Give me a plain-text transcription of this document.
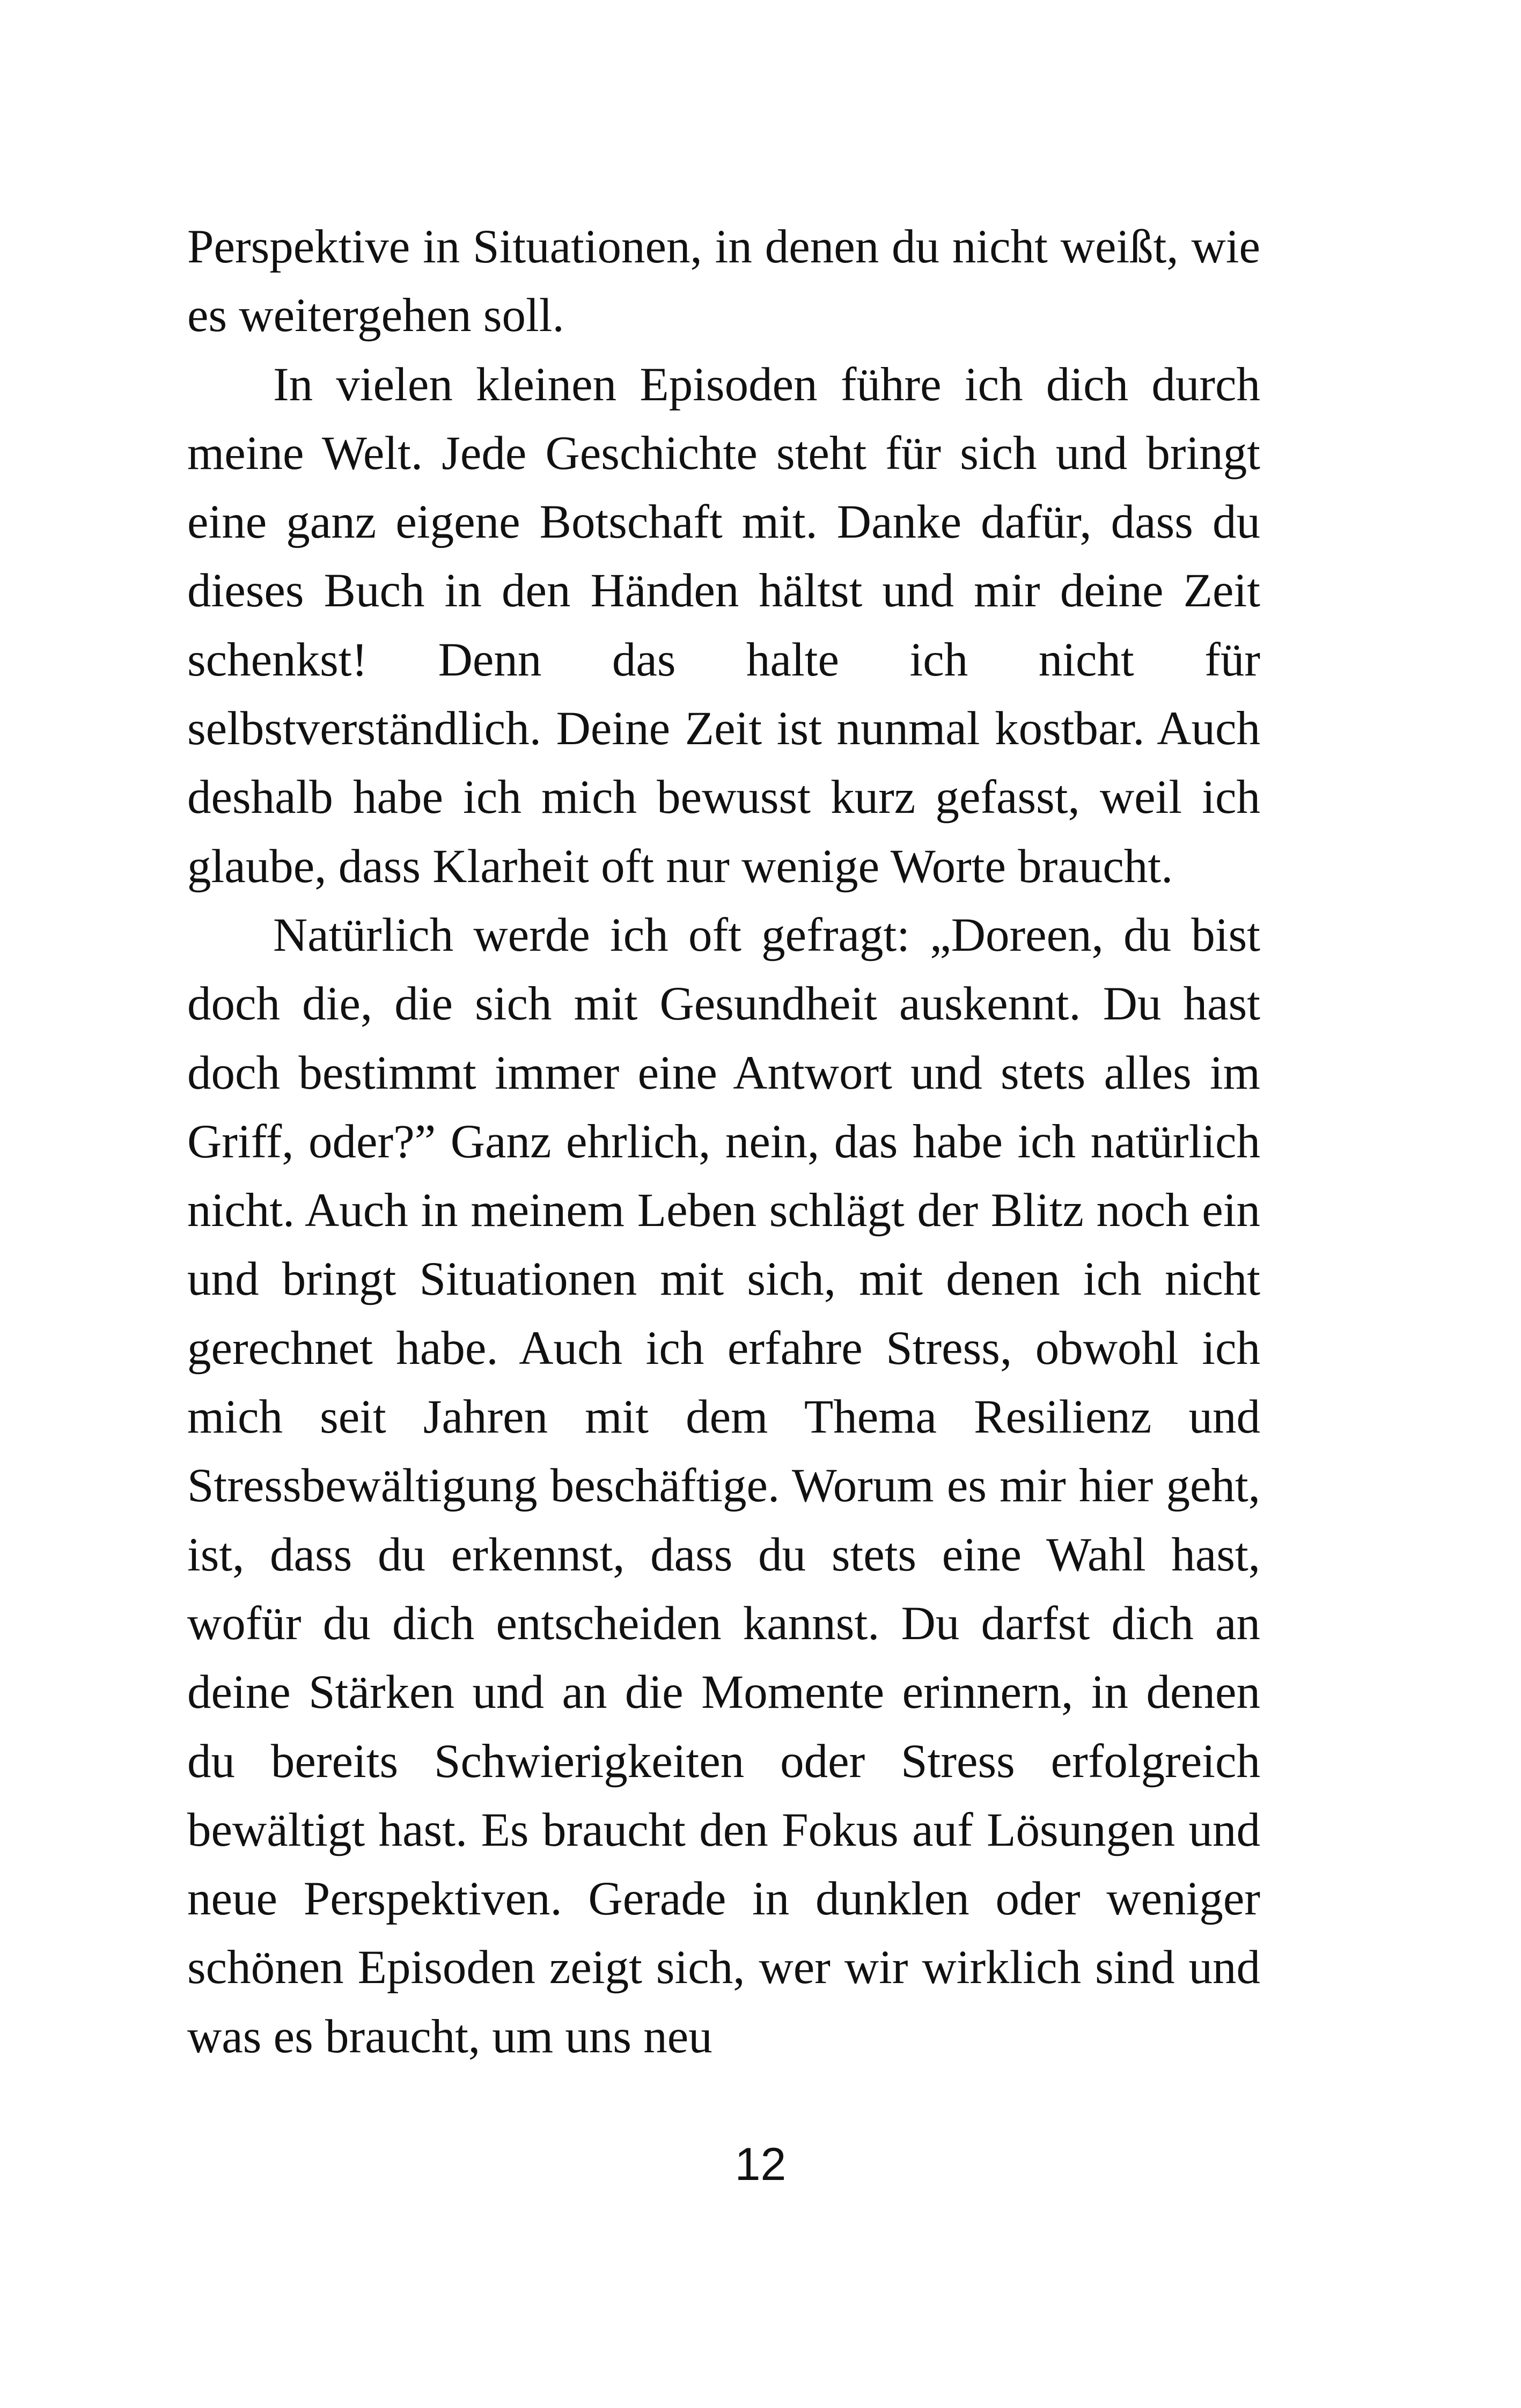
Perspektive in Situationen, in denen du nicht weißt, wie es weitergehen soll.

In vielen kleinen Episoden führe ich dich durch meine Welt. Jede Geschichte steht für sich und bringt eine ganz eigene Botschaft mit. Danke dafür, dass du dieses Buch in den Händen hältst und mir deine Zeit schenkst! Denn das halte ich nicht für selbstverständlich. Deine Zeit ist nunmal kostbar. Auch deshalb habe ich mich bewusst kurz gefasst, weil ich glaube, dass Klarheit oft nur wenige Worte braucht.

Natürlich werde ich oft gefragt: „Doreen, du bist doch die, die sich mit Gesundheit auskennt. Du hast doch bestimmt immer eine Antwort und stets alles im Griff, oder?” Ganz ehrlich, nein, das habe ich natürlich nicht. Auch in meinem Leben schlägt der Blitz noch ein und bringt Situationen mit sich, mit denen ich nicht gerechnet habe. Auch ich erfahre Stress, obwohl ich mich seit Jahren mit dem Thema Resilienz und Stressbewältigung beschäftige. Worum es mir hier geht, ist, dass du erkennst, dass du stets eine Wahl hast, wofür du dich entscheiden kannst. Du darfst dich an deine Stärken und an die Momente erinnern, in denen du bereits Schwierigkeiten oder Stress erfolgreich bewältigt hast. Es braucht den Fokus auf Lösungen und neue Perspektiven. Gerade in dunklen oder weniger schönen Episoden zeigt sich, wer wir wirklich sind und was es braucht, um uns neu

12
